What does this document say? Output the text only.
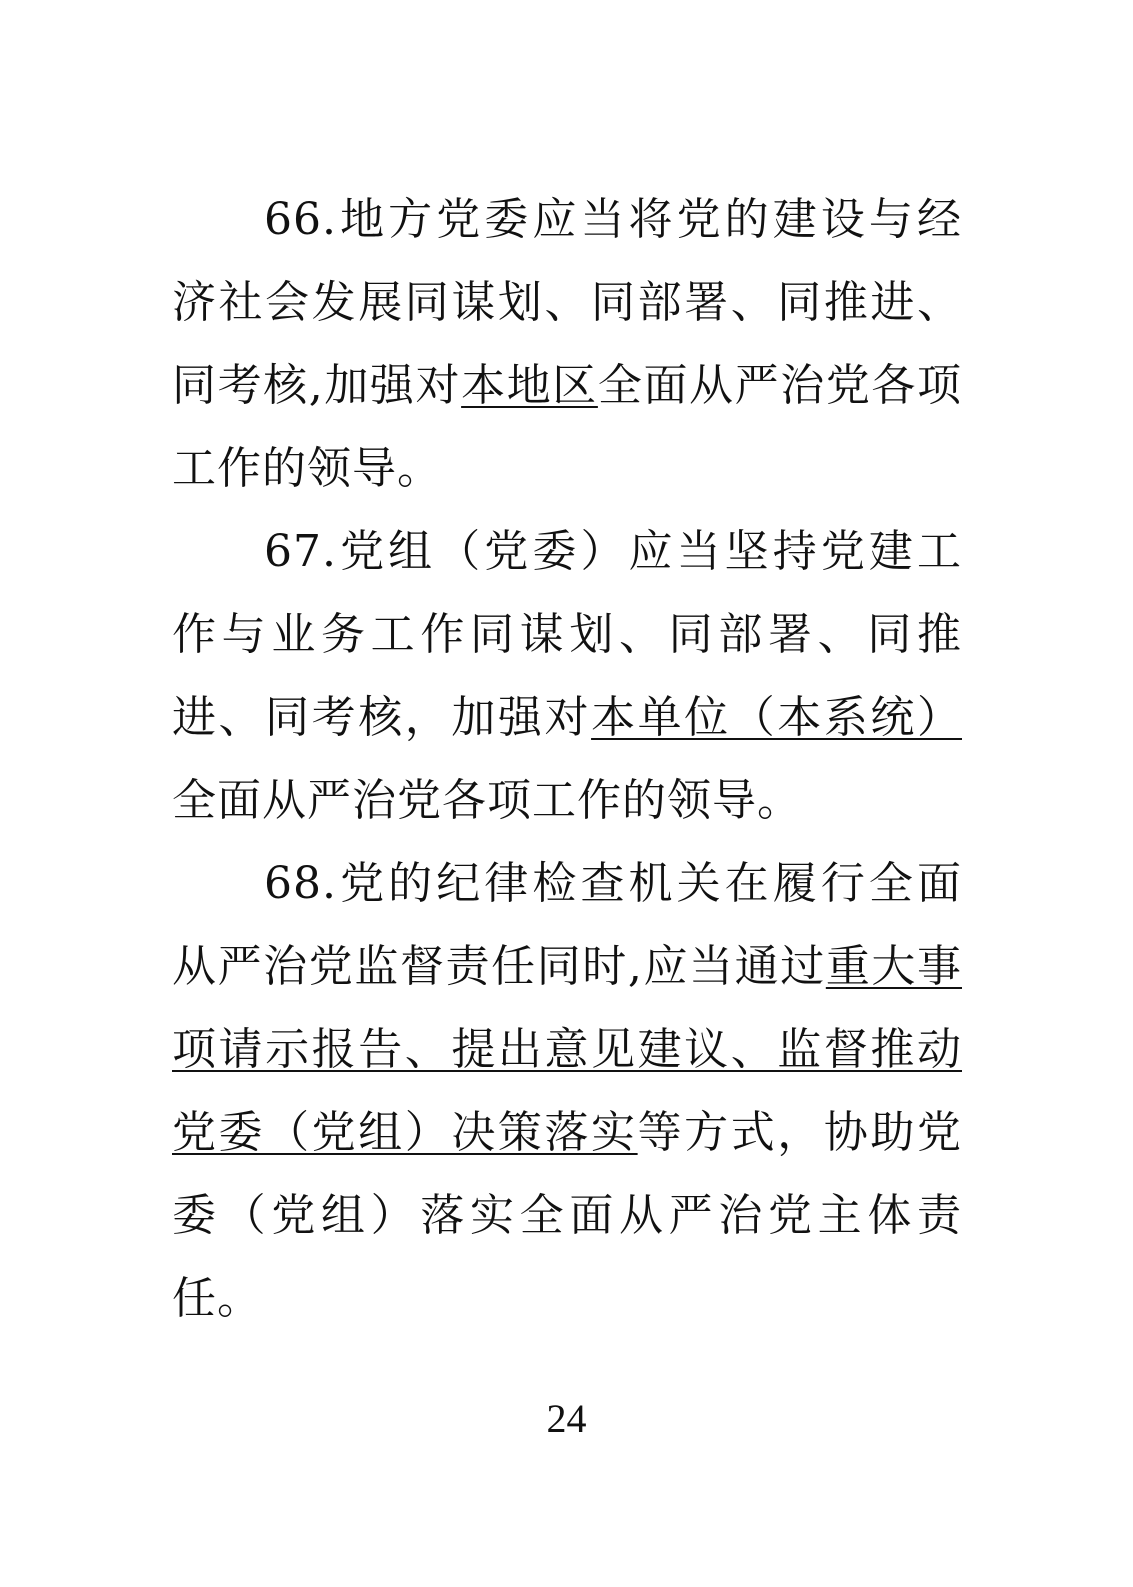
66.地方党委应当将党的建设与经济社会发展同谋划、同部署、同推进、同考核,加强对本地区全面从严治党各项工作的领导。

67.党组（党委）应当坚持党建工作与业务工作同谋划、同部署、同推进、同考核，加强对本单位（本系统）全面从严治党各项工作的领导。

68.党的纪律检查机关在履行全面从严治党监督责任同时,应当通过重大事项请示报告、提出意见建议、监督推动党委（党组）决策落实等方式，协助党委（党组）落实全面从严治党主体责任。

24
